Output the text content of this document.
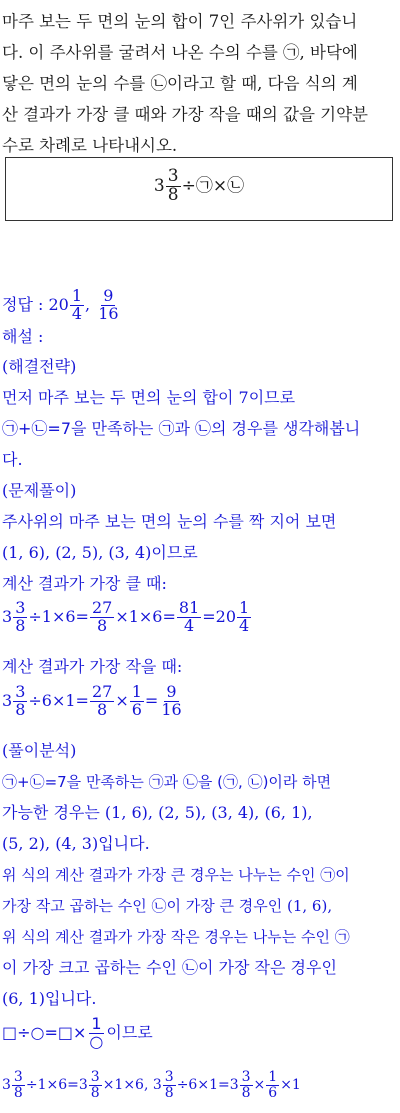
마주 보는 두 면의 눈의 합이 7인 주사위가 있습니
다. 이 주사위를 굴려서 나온 수의 수를 ㉠, 바닥에
닿은 면의 눈의 수를 ㉡이라고 할 때, 다음 식의 계
산 결과가 가장 클 때와 가장 작을 때의 값을 기약분
수로 차례로 나타내시오.
$3 \frac{3}{8}$ ÷㉠×㉡
정답 : $20 \frac{1}{4}$ , $\frac{9}{16}$
해설 :
(해결전략)
먼저 마주 보는 두 면의 눈의 합이 7이므로
㉠+㉡=7을 만족하는 ㉠과 ㉡의 경우를 생각해봅니
다.
(문제풀이)
주사위의 마주 보는 면의 눈의 수를 짝 지어 보면
(1, 6), (2, 5), (3, 4)이므로
계산 결과가 가장 클 때:
$3 \frac{3}{8} \div 1\times 6= \frac{27}{8} \times 1\times 6= \frac{81}{4} =20 \frac{1}{4}$
계산 결과가 가장 작을 때:
$3 \frac{3}{8} \div 6\times 1= \frac{27}{8} \times \frac{1}{6} = \frac{9}{16}$
(풀이분석)
㉠+㉡=7을 만족하는 ㉠과 ㉡을 (㉠, ㉡)이라 하면
가능한 경우는 (1, 6), (2, 5), (3, 4), (6, 1),
(5, 2), (4, 3)입니다.
위 식의 계산 결과가 가장 큰 경우는 나누는 수인 ㉠이
가장 작고 곱하는 수인 ㉡이 가장 큰 경우인 (1, 6),
위 식의 계산 결과가 가장 작은 경우는 나누는 수인 ㉠
이 가장 크고 곱하는 수인 ㉡이 가장 작은 경우인
(6, 1)입니다.
□÷○=□× $\frac{1}{○}$ 이므로
$3 \frac{3}{8} \div 1\times 6=3 \frac{3}{8} \times 1\times 6$, $3 \frac{3}{8} \div 6\times 1=3 \frac{3}{8} \times \frac{1}{6} \times 1$
